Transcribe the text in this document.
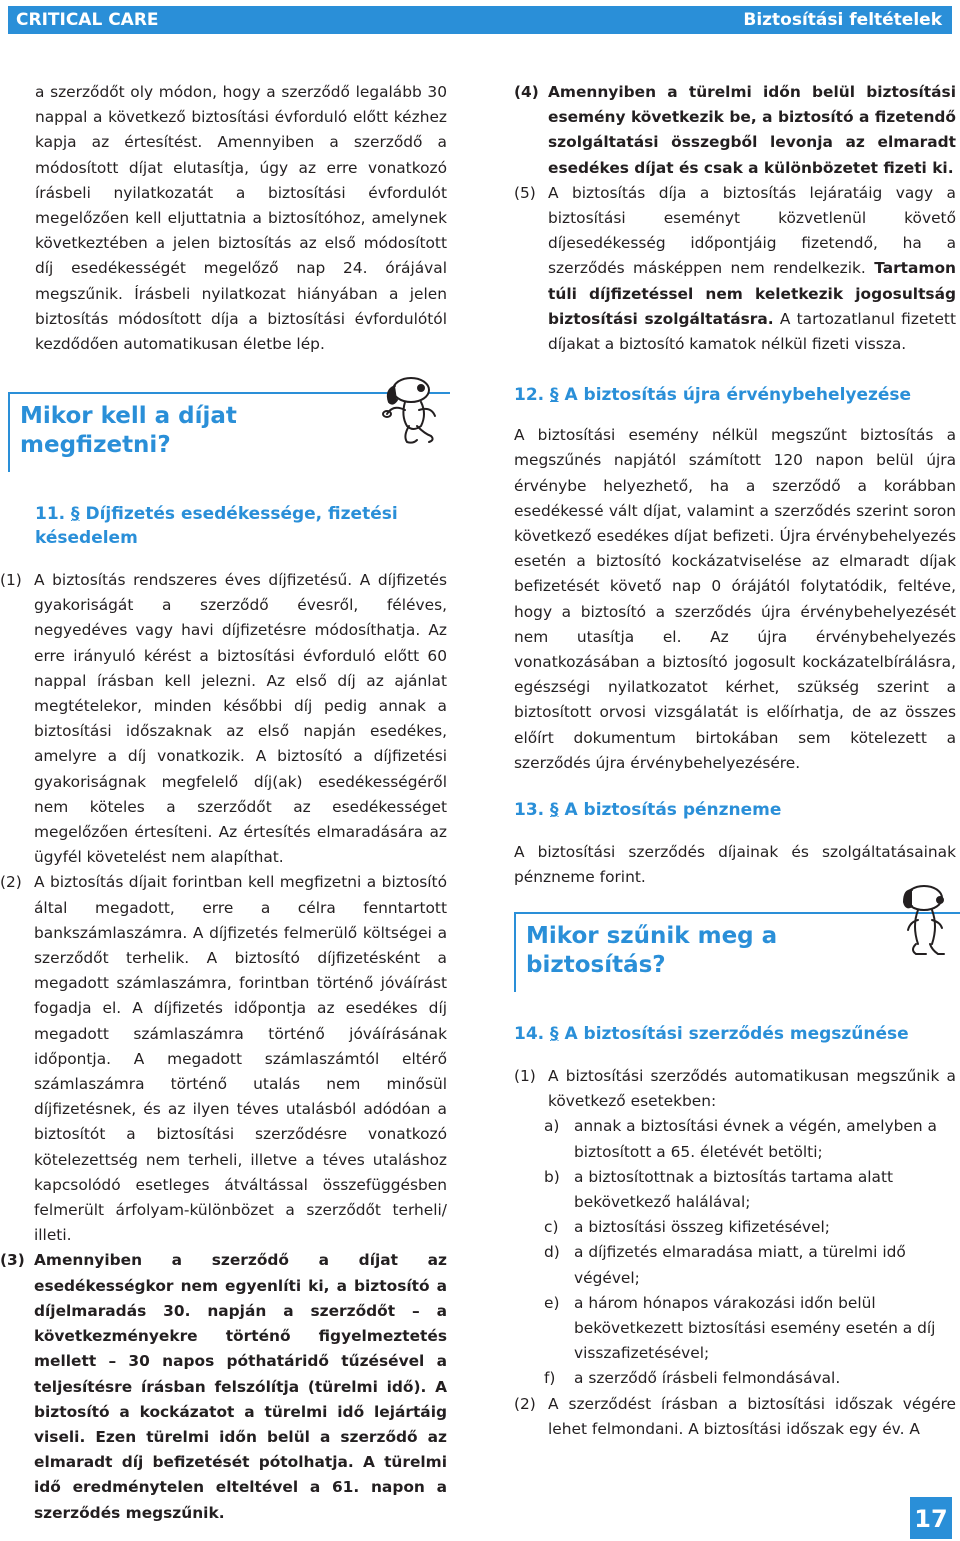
CRITICAL CARE	Biztosítási feltételek

a szerződőt oly módon, hogy a szerződő legalább 30 nappal a következő biztosítási évforduló előtt kézhez kapja az értesítést. Amennyiben a szerződő a módosított díjat elutasítja, úgy az erre vonatkozó írásbeli nyilatkozatát a biztosítási évfordulót megelőzően kell eljuttatnia a biztosítóhoz, amelynek következtében a jelen biztosítás az első módosított díj esedékességét megelőző nap 24. órájával megszűnik. Írásbeli nyilatkozat hiányában a jelen biztosítás módosított díja a biztosítási évfordulótól kezdődően automatikusan életbe lép.

Mikor kell a díjat megfizetni?
11. § Díjfizetés esedékessége, fizetési késedelem
(1) A biztosítás rendszeres éves díjfizetésű. A díjfizetés gyakoriságát a szerződő évesről, féléves, negyedéves vagy havi díjfizetésre módosíthatja. Az erre irányuló kérést a biztosítási évforduló előtt 60 nappal írásban kell jelezni. Az első díj az ajánlat megtételekor, minden későbbi díj pedig annak a biztosítási időszaknak az első napján esedékes, amelyre a díj vonatkozik. A biztosító a díjfizetési gyakoriságnak megfelelő díj(ak) esedékességéről nem köteles a szerződőt az esedékességet megelőzően értesíteni. Az értesítés elmaradására az ügyfél követelést nem alapíthat.
(2) A biztosítás díjait forintban kell megfizetni a biztosító által megadott, erre a célra fenntartott bankszámlaszámra. A díjfizetés felmerülő költségei a szerződőt terhelik. A biztosító díjfizetésként a megadott számlaszámra, forintban történő jóváírást fogadja el. A díjfizetés időpontja az esedékes díj megadott számlaszámra történő jóváírásának időpontja. A megadott számlaszámtól eltérő számlaszámra történő utalás nem minősül díjfizetésnek, és az ilyen téves utalásból adódóan a biztosítót a biztosítási szerződésre vonatkozó kötelezettség nem terheli, illetve a téves utaláshoz kapcsolódó esetleges átváltással összefüggésben felmerült árfolyam-különbözet a szerződőt terheli/ illeti.
(3) Amennyiben a szerződő a díjat az esedékességkor nem egyenlíti ki, a biztosító a díjelmaradás 30. napján a szerződőt – a következményekre történő figyelmeztetés mellett – 30 napos póthatáridő tűzésével a teljesítésre írásban felszólítja (türelmi idő). A biztosító a kockázatot a türelmi idő lejártáig viseli. Ezen türelmi időn belül a szerződő az elmaradt díj befizetését pótolhatja. A türelmi idő eredménytelen elteltével a 61. napon a szerződés megszűnik.
(4) Amennyiben a türelmi időn belül biztosítási esemény következik be, a biztosító a fizetendő szolgáltatási összegből levonja az elmaradt esedékes díjat és csak a különbözetet fizeti ki.
(5) A biztosítás díja a biztosítás lejáratáig vagy a biztosítási eseményt közvetlenül követő díjesedékesség időpontjáig fizetendő, ha a szerződés másképpen nem rendelkezik. Tartamon túli díjfizetéssel nem keletkezik jogosultság biztosítási szolgáltatásra. A tartozatlanul fizetett díjakat a biztosító kamatok nélkül fizeti vissza.
12. § A biztosítás újra érvénybehelyezése

A biztosítási esemény nélkül megszűnt biztosítás a megszűnés napjától számított 120 napon belül újra érvénybe helyezhető, ha a szerződő a korábban esedékessé vált díjat, valamint a szerződés szerint soron következő esedékes díjat befizeti. Újra érvénybehelyezés esetén a biztosító kockázatviselése az elmaradt díjak befizetését követő nap 0 órájától folytatódik, feltéve, hogy a biztosító a szerződés újra érvénybehelyezését nem utasítja el. Az újra érvénybehelyezés vonatkozásában a biztosító jogosult kockázatelbírálásra, egészségi nyilatkozatot kérhet, szükség szerint a biztosított orvosi vizsgálatát is előírhatja, de az összes előírt dokumentum birtokában sem kötelezett a szerződés újra érvénybehelyezésére.

13. § A biztosítás pénzneme

A biztosítási szerződés díjainak és szolgáltatásainak pénzneme forint.

Mikor szűnik meg a biztosítás?
14. § A biztosítási szerződés megszűnése
(1) A biztosítási szerződés automatikusan megszűnik a következő esetekben:
a) annak a biztosítási évnek a végén, amelyben a biztosított a 65. életévét betölti;
b) a biztosítottnak a biztosítás tartama alatt bekövetkező halálával;
c)	a biztosítási összeg kifizetésével;
d) a díjfizetés elmaradása miatt, a türelmi idő végével;
e) a három hónapos várakozási időn belül bekövetkezett biztosítási esemény esetén a díj visszafizetésével;
f)	a szerződő írásbeli felmondásával.
(2) A szerződést írásban a biztosítási időszak végére lehet felmondani. A biztosítási időszak egy év. A
17
